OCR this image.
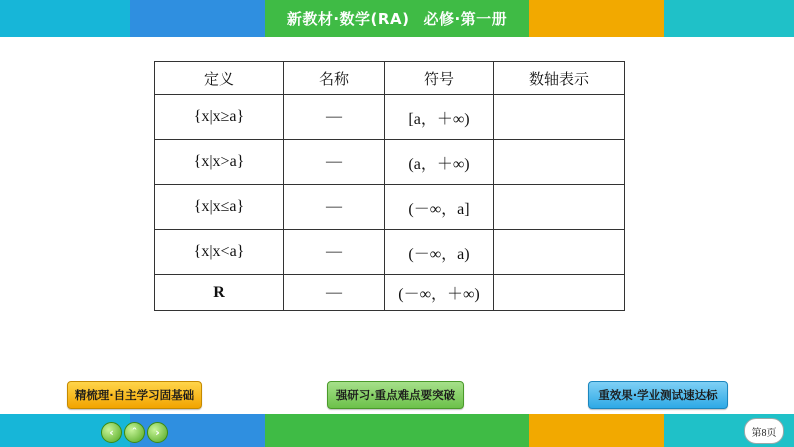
新教材·数学(RA) 必修·第一册
定义	名称	符号	数轴表示
{x|x≥a}	—	[a，＋∞)	
{x|x>a}	—	(a，＋∞)	
{x|x≤a}	—	(－∞，a]	
{x|x<a}	—	(－∞，a)	
R	—	(－∞，＋∞)	
精梳理·自主学习固基础	强研习·重点难点要突破	重效果·学业测试速达标
‹	ˆ	›	第8页
